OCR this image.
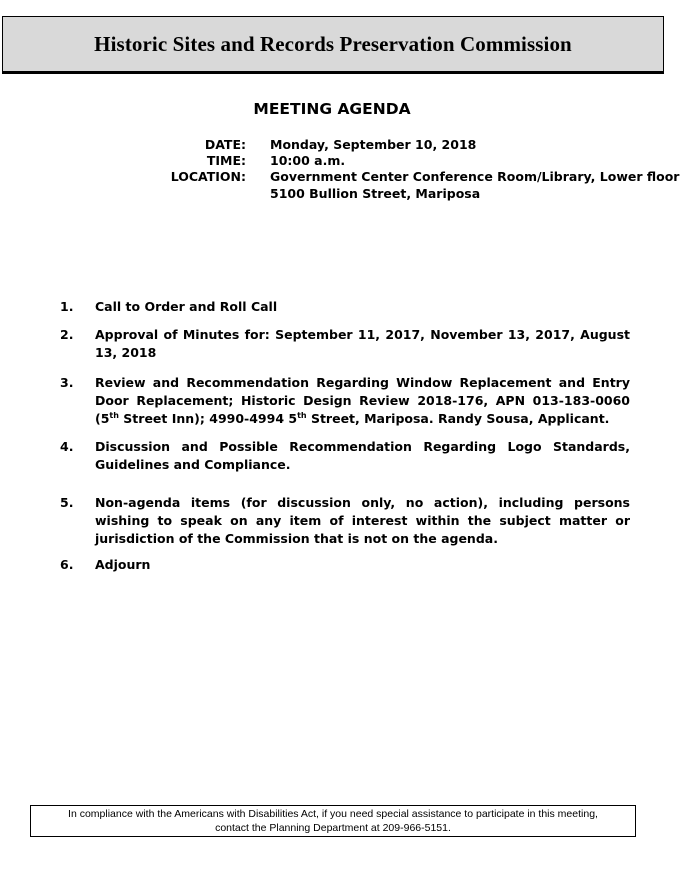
Historic Sites and Records Preservation Commission
MEETING AGENDA
DATE: Monday, September 10, 2018
TIME: 10:00 a.m.
LOCATION: Government Center Conference Room/Library, Lower floor
5100 Bullion Street, Mariposa
1. Call to Order and Roll Call
2. Approval of Minutes for: September 11, 2017, November 13, 2017, August 13, 2018
3. Review and Recommendation Regarding Window Replacement and Entry Door Replacement; Historic Design Review 2018-176, APN 013-183-0060 (5th Street Inn); 4990-4994 5th Street, Mariposa. Randy Sousa, Applicant.
4. Discussion and Possible Recommendation Regarding Logo Standards, Guidelines and Compliance.
5. Non-agenda items (for discussion only, no action), including persons wishing to speak on any item of interest within the subject matter or jurisdiction of the Commission that is not on the agenda.
6. Adjourn
In compliance with the Americans with Disabilities Act, if you need special assistance to participate in this meeting,
contact the Planning Department at 209-966-5151.
